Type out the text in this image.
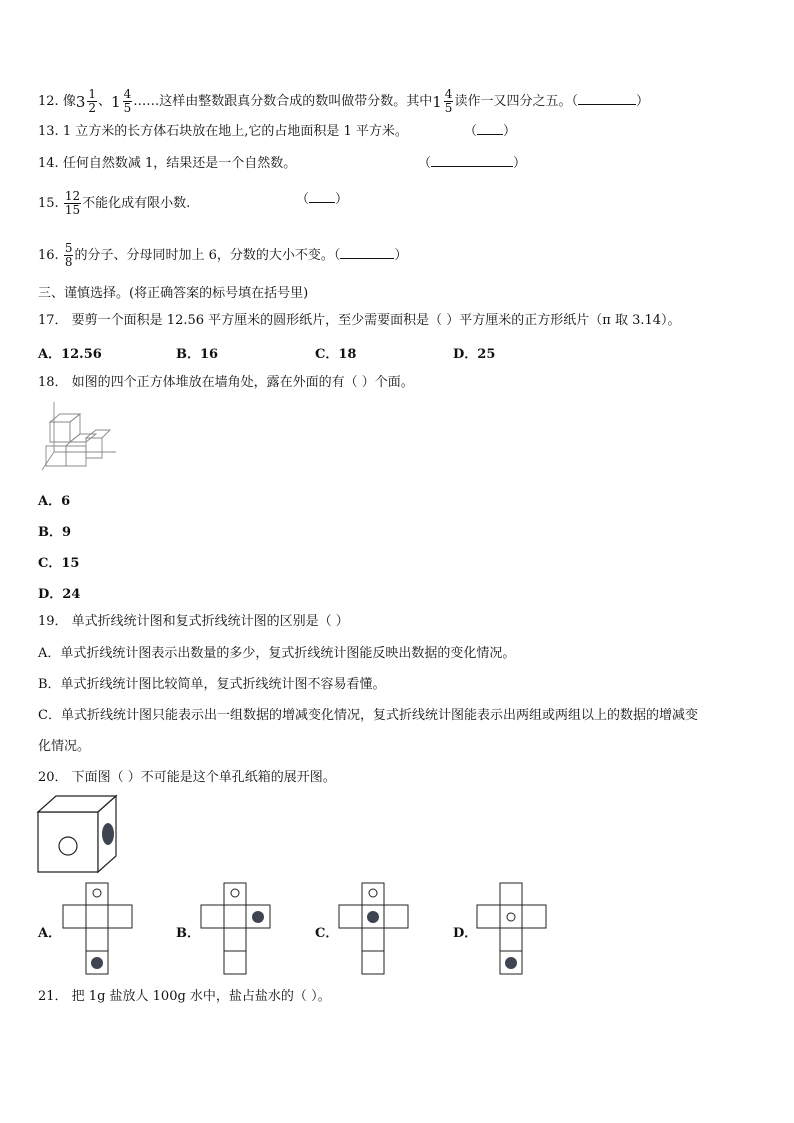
12. 像 $3 \frac{1}{2}$ 、 $1 \frac{4}{5}$ ……这样由整数跟真分数合成的数叫做带分数。其中 $1 \frac{4}{5}$ 读作一又四分之五。（	）
13. 1 立方米的长方体石块放在地上,它的占地面积是 1 平方米。	（ ）
14. 任何自然数减 1，结果还是一个自然数。	（	）
15. $\frac{12}{15}$ 不能化成有限小数.	（ ）
16. $\frac{5}{8}$ 的分子、分母同时加上 6，分数的大小不变。（	）
三、谨慎选择。(将正确答案的标号填在括号里)
17． 要剪一个面积是 12.56 平方厘米的圆形纸片，至少需要面积是（ ）平方厘米的正方形纸片（π 取 3.14）。
A．12.56	B．16	C．18	D．25
18． 如图的四个正方体堆放在墙角处，露在外面的有（ ）个面。
A．6
B．9
C．15
D．24
19． 单式折线统计图和复式折线统计图的区别是（ ）
A．单式折线统计图表示出数量的多少，复式折线统计图能反映出数据的变化情况。
B．单式折线统计图比较简单，复式折线统计图不容易看懂。
C．单式折线统计图只能表示出一组数据的增减变化情况，复式折线统计图能表示出两组或两组以上的数据的增减变
化情况。
20． 下面图（ ）不可能是这个单孔纸箱的展开图。
A．	B．	C．	D．
21． 把 1g 盐放人 100g 水中，盐占盐水的（ ）。
